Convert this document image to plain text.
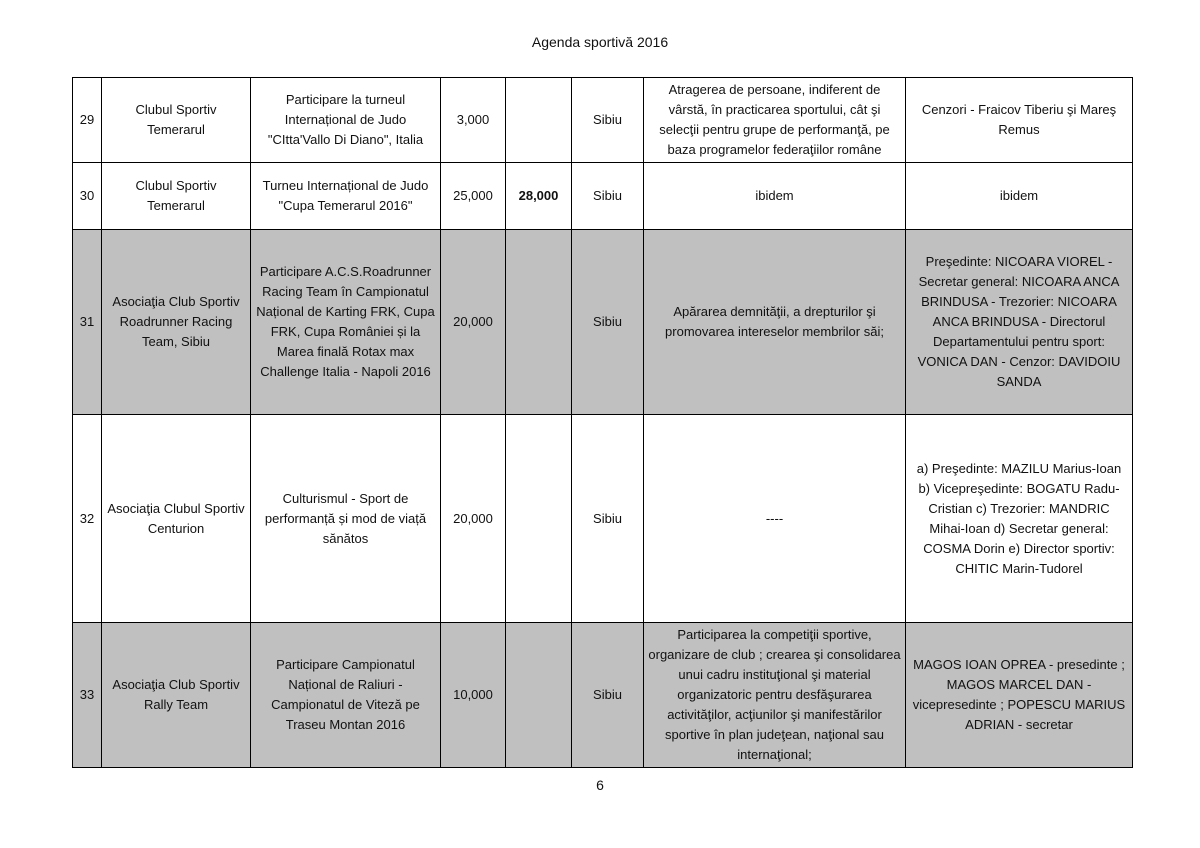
Agenda sportivă 2016
29	Clubul Sportiv Temerarul	Participare la turneul Internațional de Judo "CItta'Vallo Di Diano", Italia	3,000		Sibiu	Atragerea de persoane, indiferent de vârstă, în practicarea sportului, cât şi selecţii pentru grupe de performanţă, pe baza programelor federaţiilor române	Cenzori - Fraicov Tiberiu şi Mareş Remus
30	Clubul Sportiv Temerarul	Turneu Internațional de Judo "Cupa Temerarul 2016"	25,000	28,000	Sibiu	ibidem	ibidem
31	Asociaţia Club Sportiv Roadrunner Racing Team, Sibiu	Participare A.C.S.Roadrunner Racing Team în Campionatul Național de Karting FRK, Cupa FRK, Cupa României și la Marea finală Rotax max Challenge Italia - Napoli 2016	20,000		Sibiu	Apărarea demnităţii, a drepturilor şi promovarea intereselor membrilor săi;	Preşedinte: NICOARA VIOREL - Secretar general: NICOARA ANCA BRINDUSA - Trezorier: NICOARA ANCA BRINDUSA - Directorul Departamentului pentru sport: VONICA DAN - Cenzor: DAVIDOIU SANDA
32	Asociaţia Clubul Sportiv Centurion	Culturismul - Sport de performanță și mod de viață sănătos	20,000		Sibiu	----	a) Preşedinte: MAZILU Marius-Ioan b) Vicepreşedinte: BOGATU Radu-Cristian c) Trezorier: MANDRIC Mihai-Ioan d) Secretar general: COSMA Dorin e) Director sportiv: CHITIC Marin-Tudorel
33	Asociaţia Club Sportiv Rally Team	Participare Campionatul Național de Raliuri - Campionatul de Viteză pe Traseu Montan 2016	10,000		Sibiu	Participarea la competiţii sportive, organizare de club ; crearea şi consolidarea unui cadru instituţional şi material organizatoric pentru desfăşurarea activităţilor, acţiunilor şi manifestărilor sportive în plan judeţean, naţional sau internaţional;	MAGOS IOAN OPREA - presedinte ; MAGOS MARCEL DAN - vicepresedinte ; POPESCU MARIUS ADRIAN - secretar
6
